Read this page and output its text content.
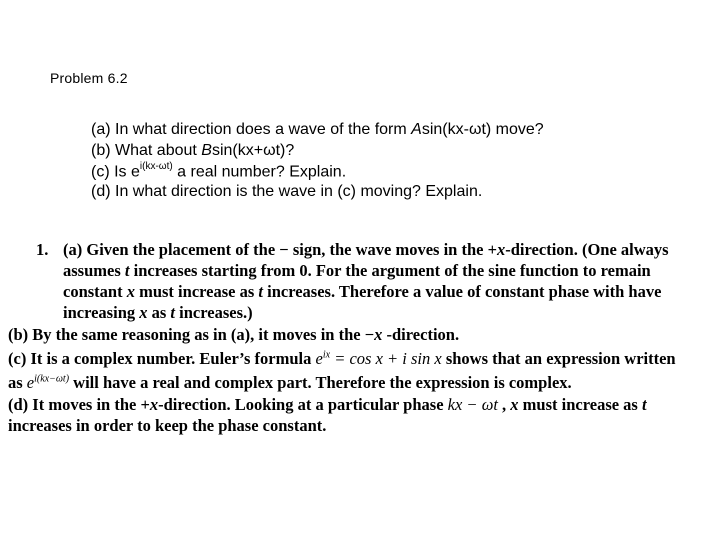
Problem 6.2
(a) In what direction does a wave of the form Asin(kx-ωt) move?
(b) What about Bsin(kx+ωt)?
(c) Is $e^{i(kx-\omega t)}$ a real number? Explain.
(d) In what direction is the wave in (c) moving? Explain.
1. (a) Given the placement of the − sign, the wave moves in the +x-direction. (One always
assumes t increases starting from 0. For the argument of the sine function to remain
constant x must increase as t increases. Therefore a value of constant phase with have
increasing x as t increases.)
(b) By the same reasoning as in (a), it moves in the −x -direction.
(c) It is a complex number. Euler’s formula $e^{ix} = \cos x + i$ sin x shows that an expression written
as $e^{i(kx-\omega t)}$ will have a real and complex part. Therefore the expression is complex.
(d) It moves in the +x-direction. Looking at a particular phase kx − ωt , x must increase as t
increases in order to keep the phase constant.
